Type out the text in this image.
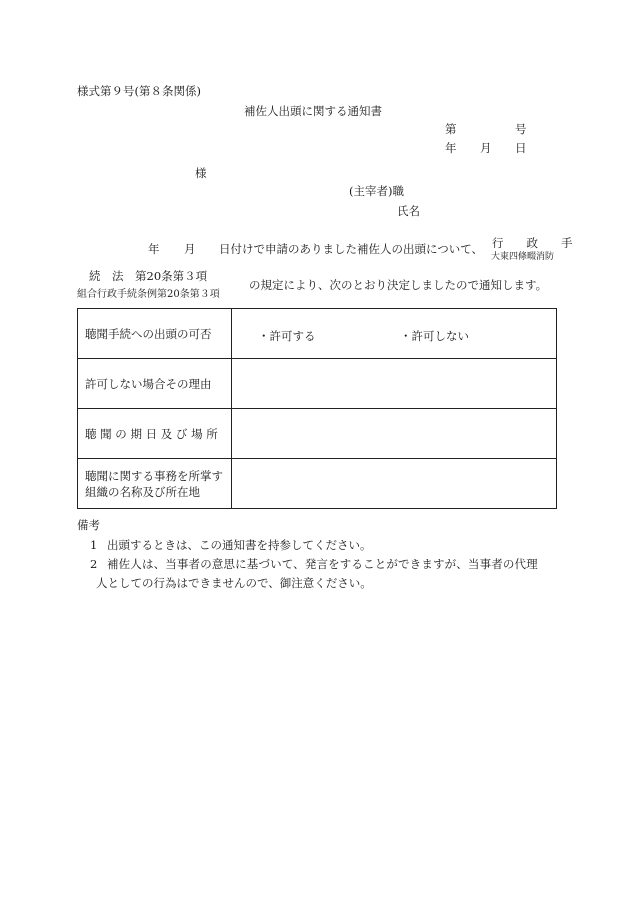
様式第９号(第８条関係)
補佐人出頭に関する通知書
第	号
年 月 日
様
(主宰者)職
氏名
年 月 日付けで申請のありました補佐人の出頭について、 行　　政　　手
大東四條畷消防
続　法　第20条第３項
組合行政手続条例第20条第３項
の規定により、次のとおり決定しましたので通知します。
聴聞手続への出頭の可否	・許可する ・許可しない

許可しない場合その理由	
聴 聞 の 期 日 及 び 場 所	

聴聞に関する事務を所掌す
組織の名称及び所在地	

備考
1 出頭するときは、この通知書を持参してください。
2 補佐人は、当事者の意思に基づいて、発言をすることができますが、当事者の代理
人としての行為はできませんので、御注意ください。
